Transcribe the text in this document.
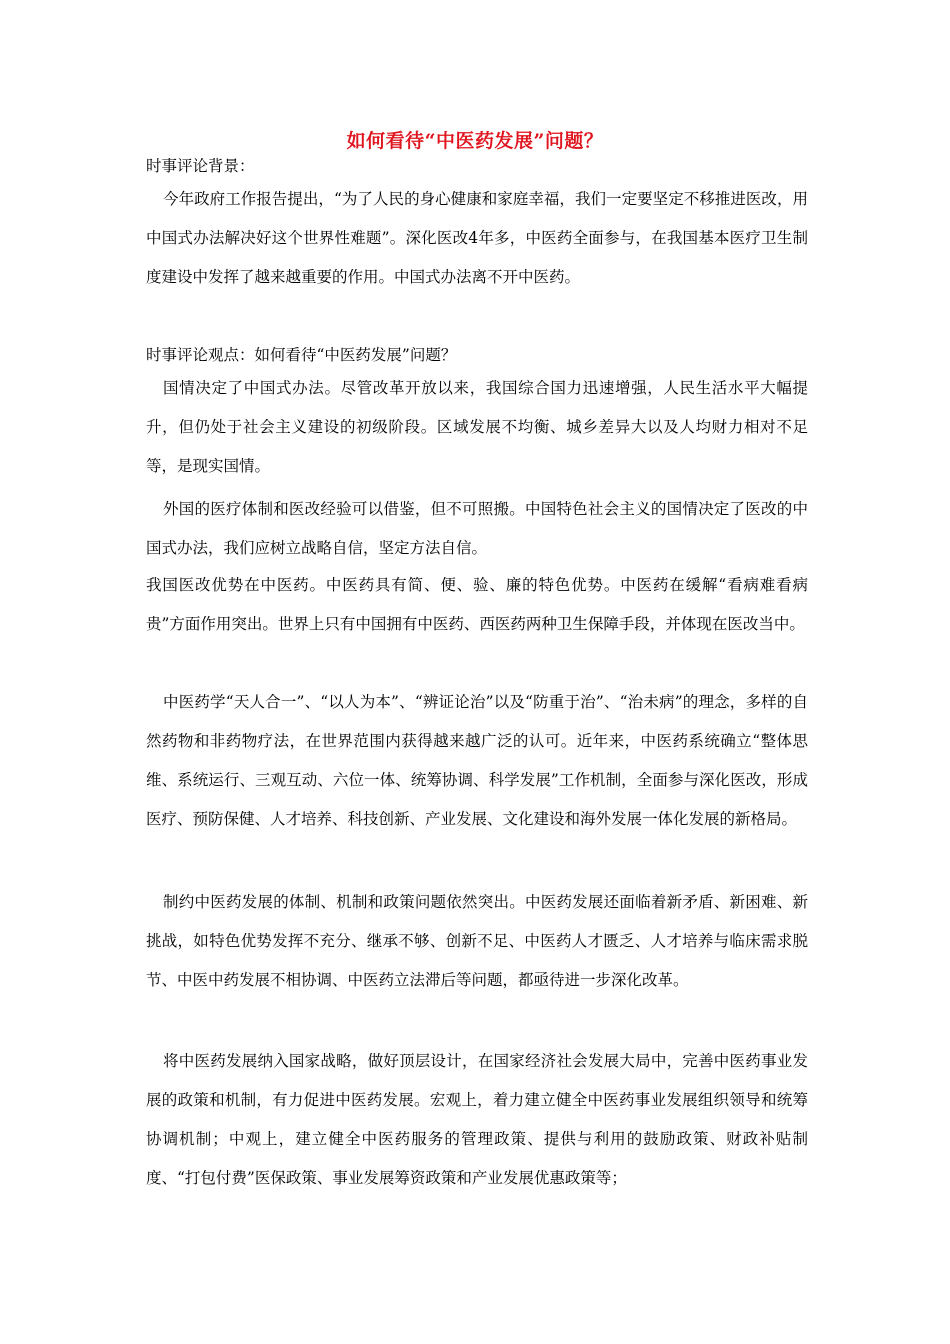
如何看待“中医药发展”问题？
时事评论背景：
今年政府工作报告提出，“为了人民的身心健康和家庭幸福，我们一定要坚定不移推进医改，用中国式办法解决好这个世界性难题”。深化医改4年多，中医药全面参与，在我国基本医疗卫生制度建设中发挥了越来越重要的作用。中国式办法离不开中医药。
时事评论观点：如何看待“中医药发展”问题？
国情决定了中国式办法。尽管改革开放以来，我国综合国力迅速增强，人民生活水平大幅提升，但仍处于社会主义建设的初级阶段。区域发展不均衡、城乡差异大以及人均财力相对不足等，是现实国情。
外国的医疗体制和医改经验可以借鉴，但不可照搬。中国特色社会主义的国情决定了医改的中国式办法，我们应树立战略自信，坚定方法自信。
我国医改优势在中医药。中医药具有简、便、验、廉的特色优势。中医药在缓解“看病难看病贵”方面作用突出。世界上只有中国拥有中医药、西医药两种卫生保障手段，并体现在医改当中。
中医药学“天人合一”、“以人为本”、“辨证论治”以及“防重于治”、“治未病”的理念，多样的自然药物和非药物疗法，在世界范围内获得越来越广泛的认可。近年来，中医药系统确立“整体思维、系统运行、三观互动、六位一体、统筹协调、科学发展”工作机制，全面参与深化医改，形成医疗、预防保健、人才培养、科技创新、产业发展、文化建设和海外发展一体化发展的新格局。
制约中医药发展的体制、机制和政策问题依然突出。中医药发展还面临着新矛盾、新困难、新挑战，如特色优势发挥不充分、继承不够、创新不足、中医药人才匮乏、人才培养与临床需求脱节、中医中药发展不相协调、中医药立法滞后等问题，都亟待进一步深化改革。
将中医药发展纳入国家战略，做好顶层设计，在国家经济社会发展大局中，完善中医药事业发展的政策和机制，有力促进中医药发展。宏观上，着力建立健全中医药事业发展组织领导和统筹协调机制；中观上，建立健全中医药服务的管理政策、提供与利用的鼓励政策、财政补贴制度、“打包付费”医保政策、事业发展筹资政策和产业发展优惠政策等；
